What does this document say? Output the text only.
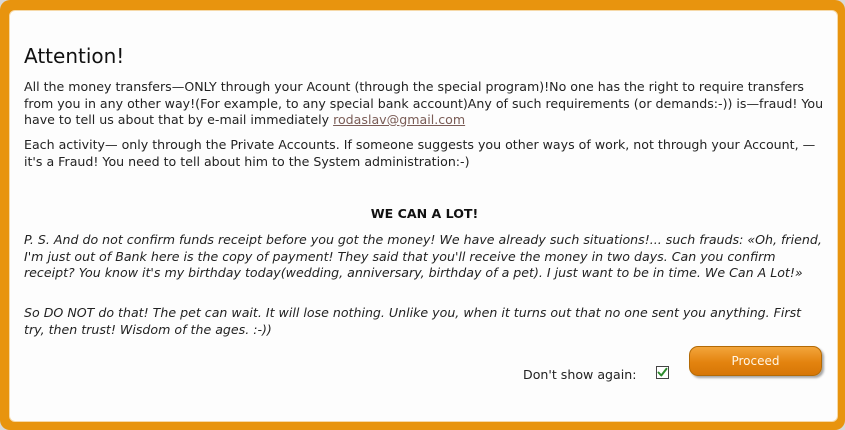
Attention!

All the money transfers—ONLY through your Acount (through the special program)!No one has the right to require transfers from you in any other way!(For example, to any special bank account)Any of such requirements (or demands:-)) is—fraud! You have to tell us about that by e-mail immediately rodaslav@gmail.com

Each activity— only through the Private Accounts. If someone suggests you other ways of work, not through your Account, — it's a Fraud! You need to tell about him to the System administration:-)

WE CAN A LOT!

P. S. And do not confirm funds receipt before you got the money! We have already such situations!... such frauds: «Oh, friend, I'm just out of Bank here is the copy of payment! They said that you'll receive the money in two days. Can you confirm receipt? You know it's my birthday today(wedding, anniversary, birthday of a pet). I just want to be in time. We Can A Lot!»

So DO NOT do that! The pet can wait. It will lose nothing. Unlike you, when it turns out that no one sent you anything. First try, then trust! Wisdom of the ages. :-))

Don't show again:
Proceed
